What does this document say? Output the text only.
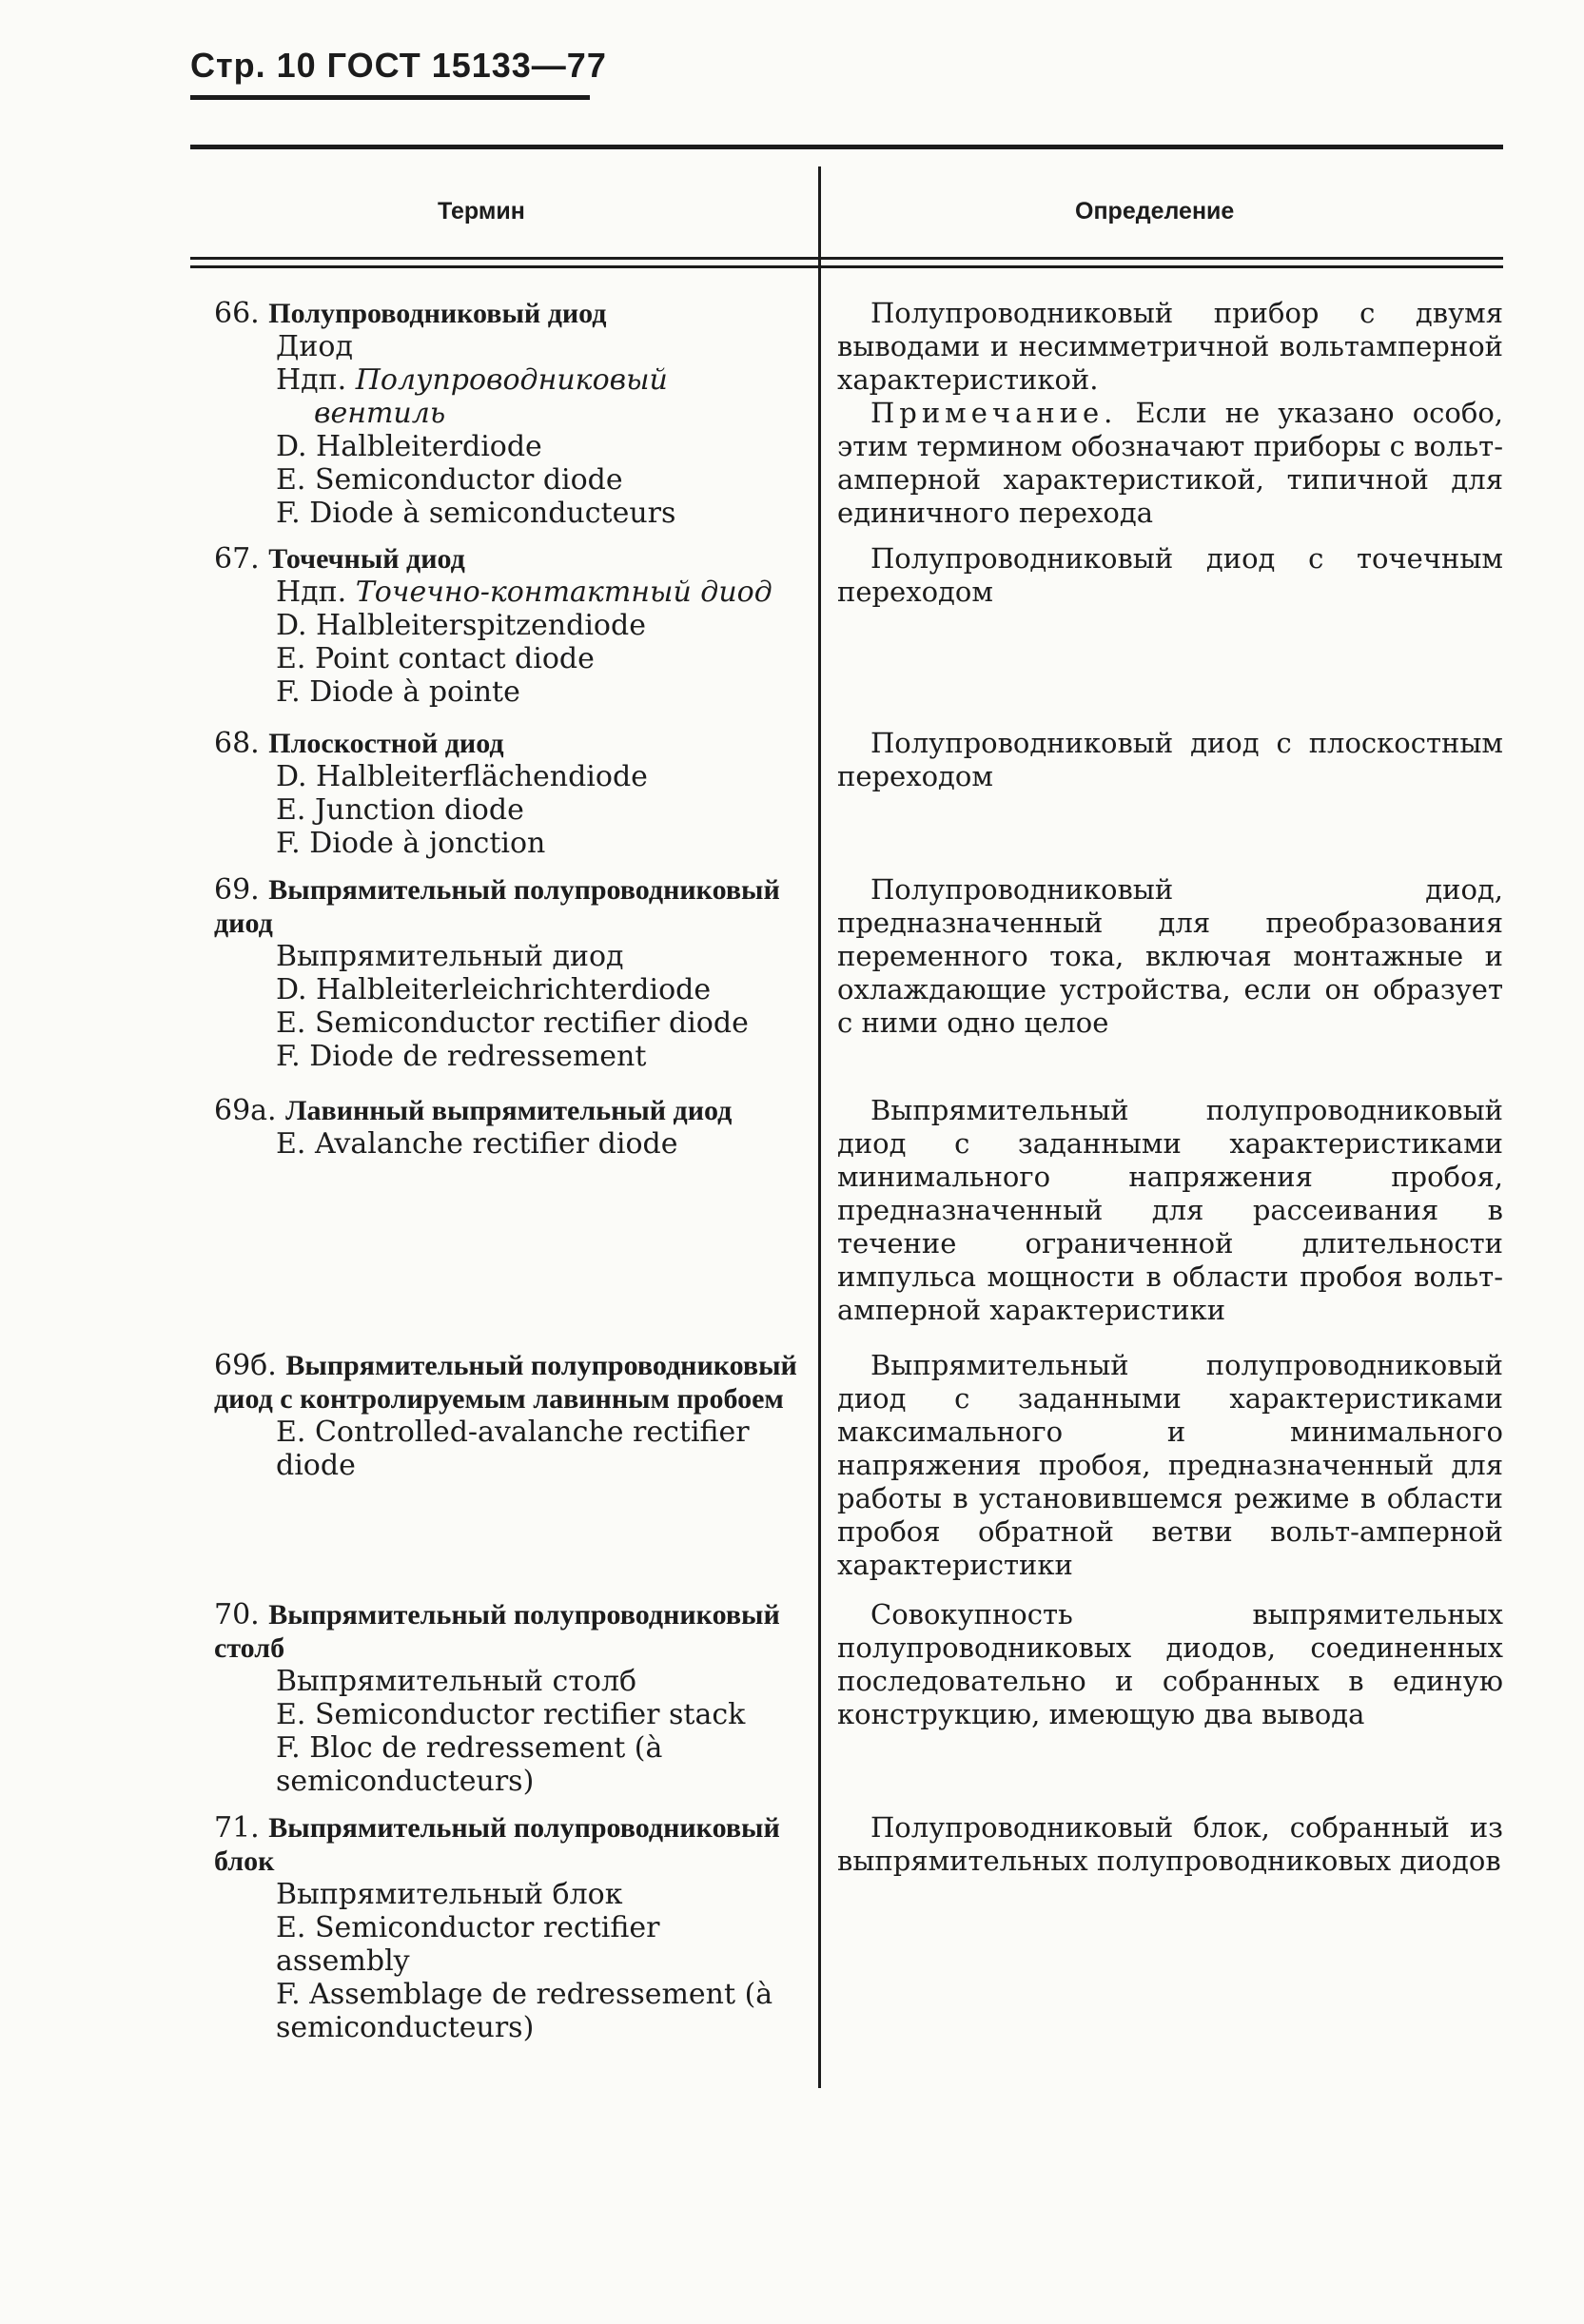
Стр. 10 ГОСТ 15133—77
Термин	Определение
66. Полупроводниковый диод
Диод
Ндп. Полупроводниковый вентиль
D. Halbleiterdiode
E. Semiconductor diode
F. Diode à semiconducteurs
Полупроводниковый прибор с двумя выводами и несимметричной вольтамперной характеристикой.
Примечание. Если не указано особо, этим термином обозначают приборы с вольт-амперной характеристикой, типичной для единичного перехода
67. Точечный диод
Ндп. Точечно-контактный диод
D. Halbleiterspitzendiode
E. Point contact diode
F. Diode à pointe
Полупроводниковый диод с точечным переходом
68. Плоскостной диод
D. Halbleiterflächendiode
E. Junction diode
F. Diode à jonction
Полупроводниковый диод с плоскостным переходом
69. Выпрямительный полупроводниковый диод
Выпрямительный диод
D. Halbleiterleichrichterdiode
E. Semiconductor rectifier diode
F. Diode de redressement
Полупроводниковый диод, предназначенный для преобразования переменного тока, включая монтажные и охлаждающие устройства, если он образует с ними одно целое
69а. Лавинный выпрямительный диод
E. Avalanche rectifier diode
Выпрямительный полупроводниковый диод с заданными характеристиками минимального напряжения пробоя, предназначенный для рассеивания в течение ограниченной длительности импульса мощности в области пробоя вольт-амперной характеристики
69б. Выпрямительный полупроводниковый диод с контролируемым лавинным пробоем
E. Controlled-avalanche rectifier diode
Выпрямительный полупроводниковый диод с заданными характеристиками максимального и минимального напряжения пробоя, предназначенный для работы в установившемся режиме в области пробоя обратной ветви вольт-амперной характеристики
70. Выпрямительный полупроводниковый столб
Выпрямительный столб
E. Semiconductor rectifier stack
F. Bloc de redressement (à semiconducteurs)
Совокупность выпрямительных полупроводниковых диодов, соединенных последовательно и собранных в единую конструкцию, имеющую два вывода
71. Выпрямительный полупроводниковый блок
Выпрямительный блок
E. Semiconductor rectifier assembly
F. Assemblage de redressement (à semiconducteurs)
Полупроводниковый блок, собранный из выпрямительных полупроводниковых диодов
